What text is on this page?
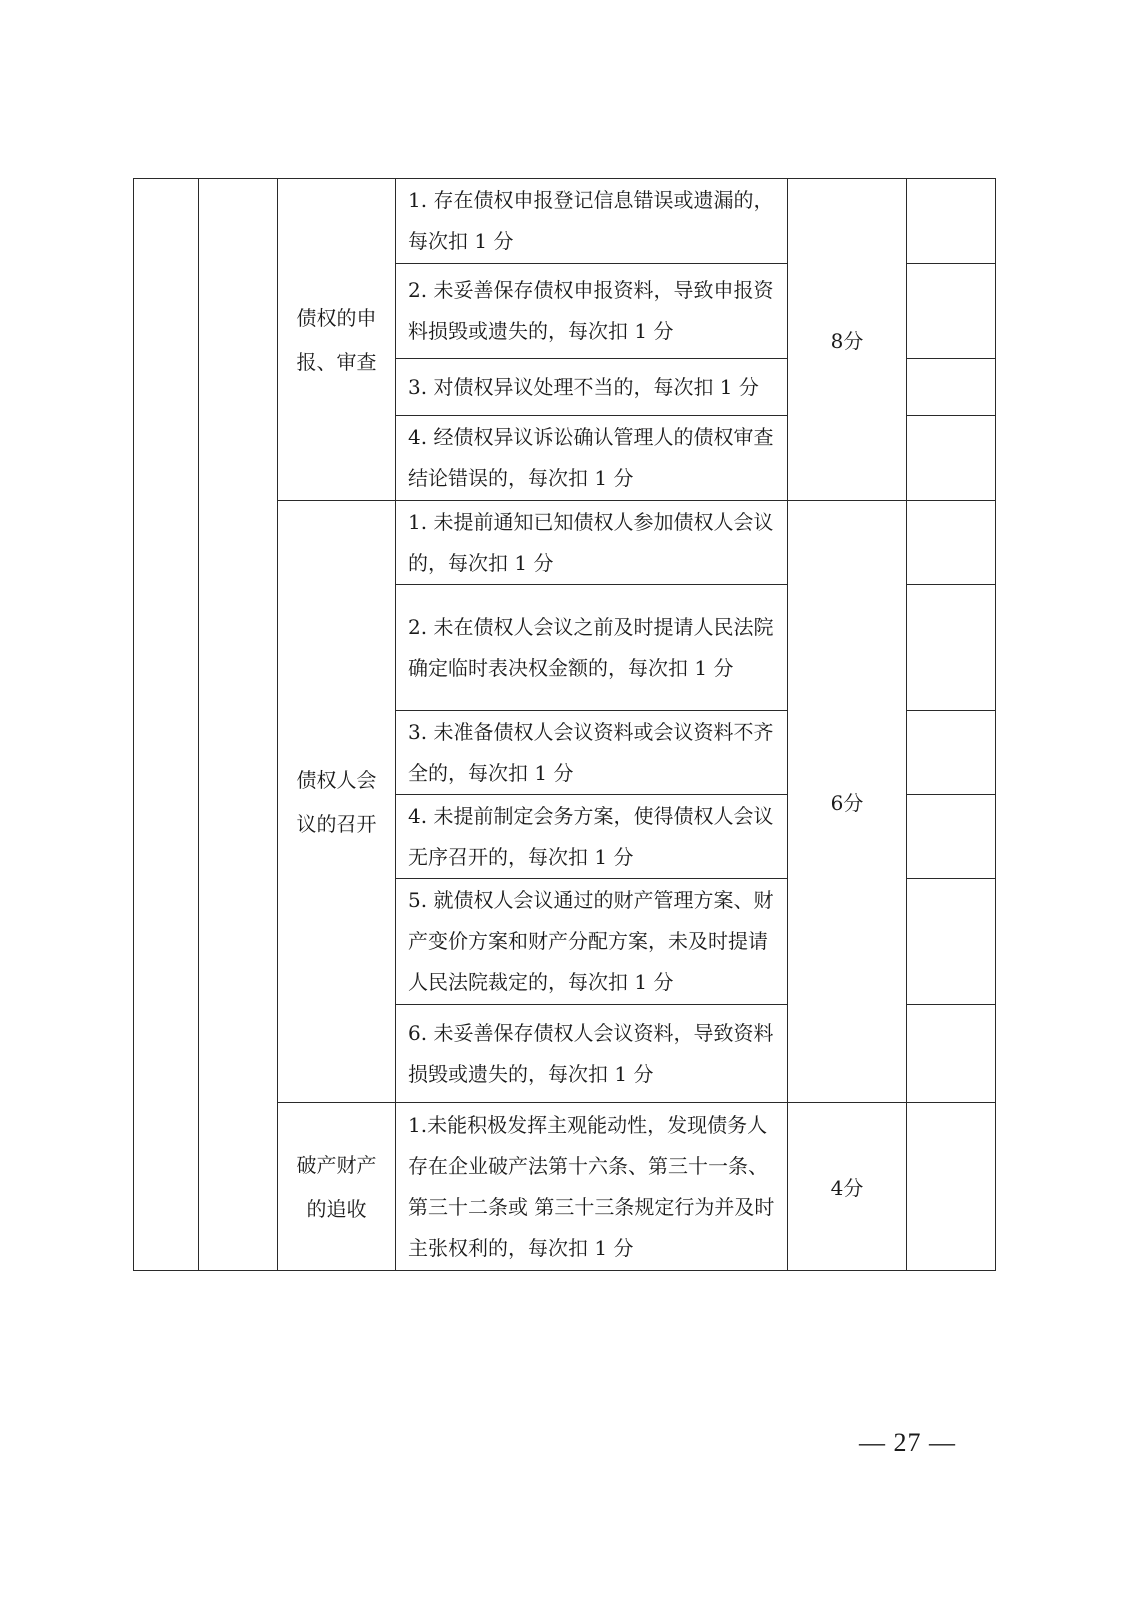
		债权的申报、审查	1. 存在债权申报登记信息错误或遗漏的，每次扣 1 分	8分	
			2. 未妥善保存债权申报资料，导致申报资料损毁或遗失的，每次扣 1 分		
			3. 对债权异议处理不当的，每次扣 1 分		
			4. 经债权异议诉讼确认管理人的债权审查结论错误的，每次扣 1 分		
		债权人会议的召开	1. 未提前通知已知债权人参加债权人会议的，每次扣 1 分	6分	
			2. 未在债权人会议之前及时提请人民法院确定临时表决权金额的，每次扣 1 分		
			3. 未准备债权人会议资料或会议资料不齐全的，每次扣 1 分		
			4. 未提前制定会务方案，使得债权人会议无序召开的，每次扣 1 分		
			5. 就债权人会议通过的财产管理方案、财产变价方案和财产分配方案，未及时提请人民法院裁定的，每次扣 1 分		
			6. 未妥善保存债权人会议资料，导致资料损毁或遗失的，每次扣 1 分		
		破产财产的追收	1.未能积极发挥主观能动性，发现债务人存在企业破产法第十六条、第三十一条、第三十二条或 第三十三条规定行为并及时主张权利的，每次扣 1 分	4分	
— 27 —
